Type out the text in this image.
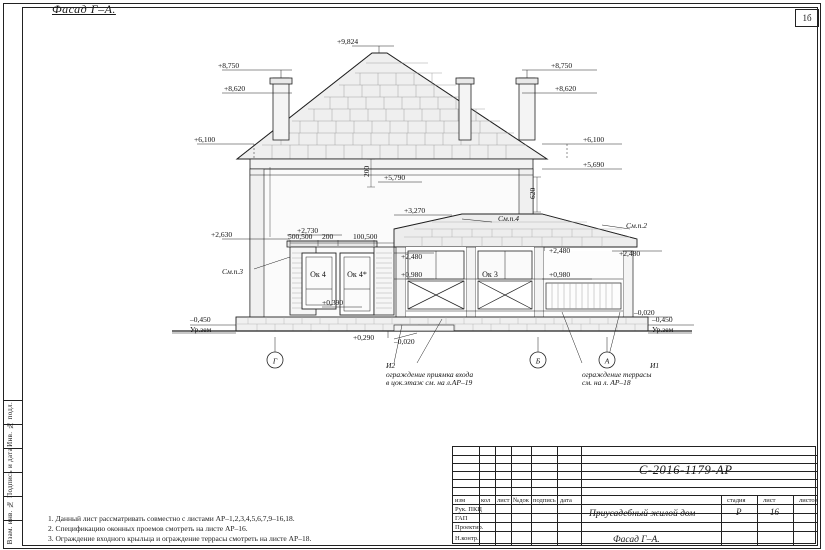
Фасад Г–А.
1б
Инв. № подл.
Подпись и дата
Взам. инв. №
Г	Б	А
+9,824
+8,750
+8,620
+8,750
+8,620
+6,100	+6,100
+5,690
+5,790
+3,270
+2,730
+2,630
+2,480
+2,480	+2,480
+0,980	+0,980
+0,390
–0,450
Ур.зем
–0,450
Ур.зем
+0,290	–0,020
–0,020
500,500 200	100,500
200
620
См.п.3
См.п.4
См.п.2
Ок 4	Ок 4*	Ок 3
И2
ограждение приямка входа
в цок.этаж см. на л.АР–19
ограждение террасы
см. на л. АР–18
И1
1. Данный лист рассматривать совместно с листами АР–1,2,3,4,5,6,7,9–16,18.
2. Спецификацию оконных проемов смотреть на листе АР–16.
3. Ограждение входного крыльца и ограждение террасы смотреть на листе АР–18.
С-2016-1179-АР
изм кол лист №док подпись дата
Рук. ПКЦ
ГАП
Проектир.
Н.контр.
Приусадебный жилой дом
Фасад Г–А.
стадия	лист	листов
Р	16
